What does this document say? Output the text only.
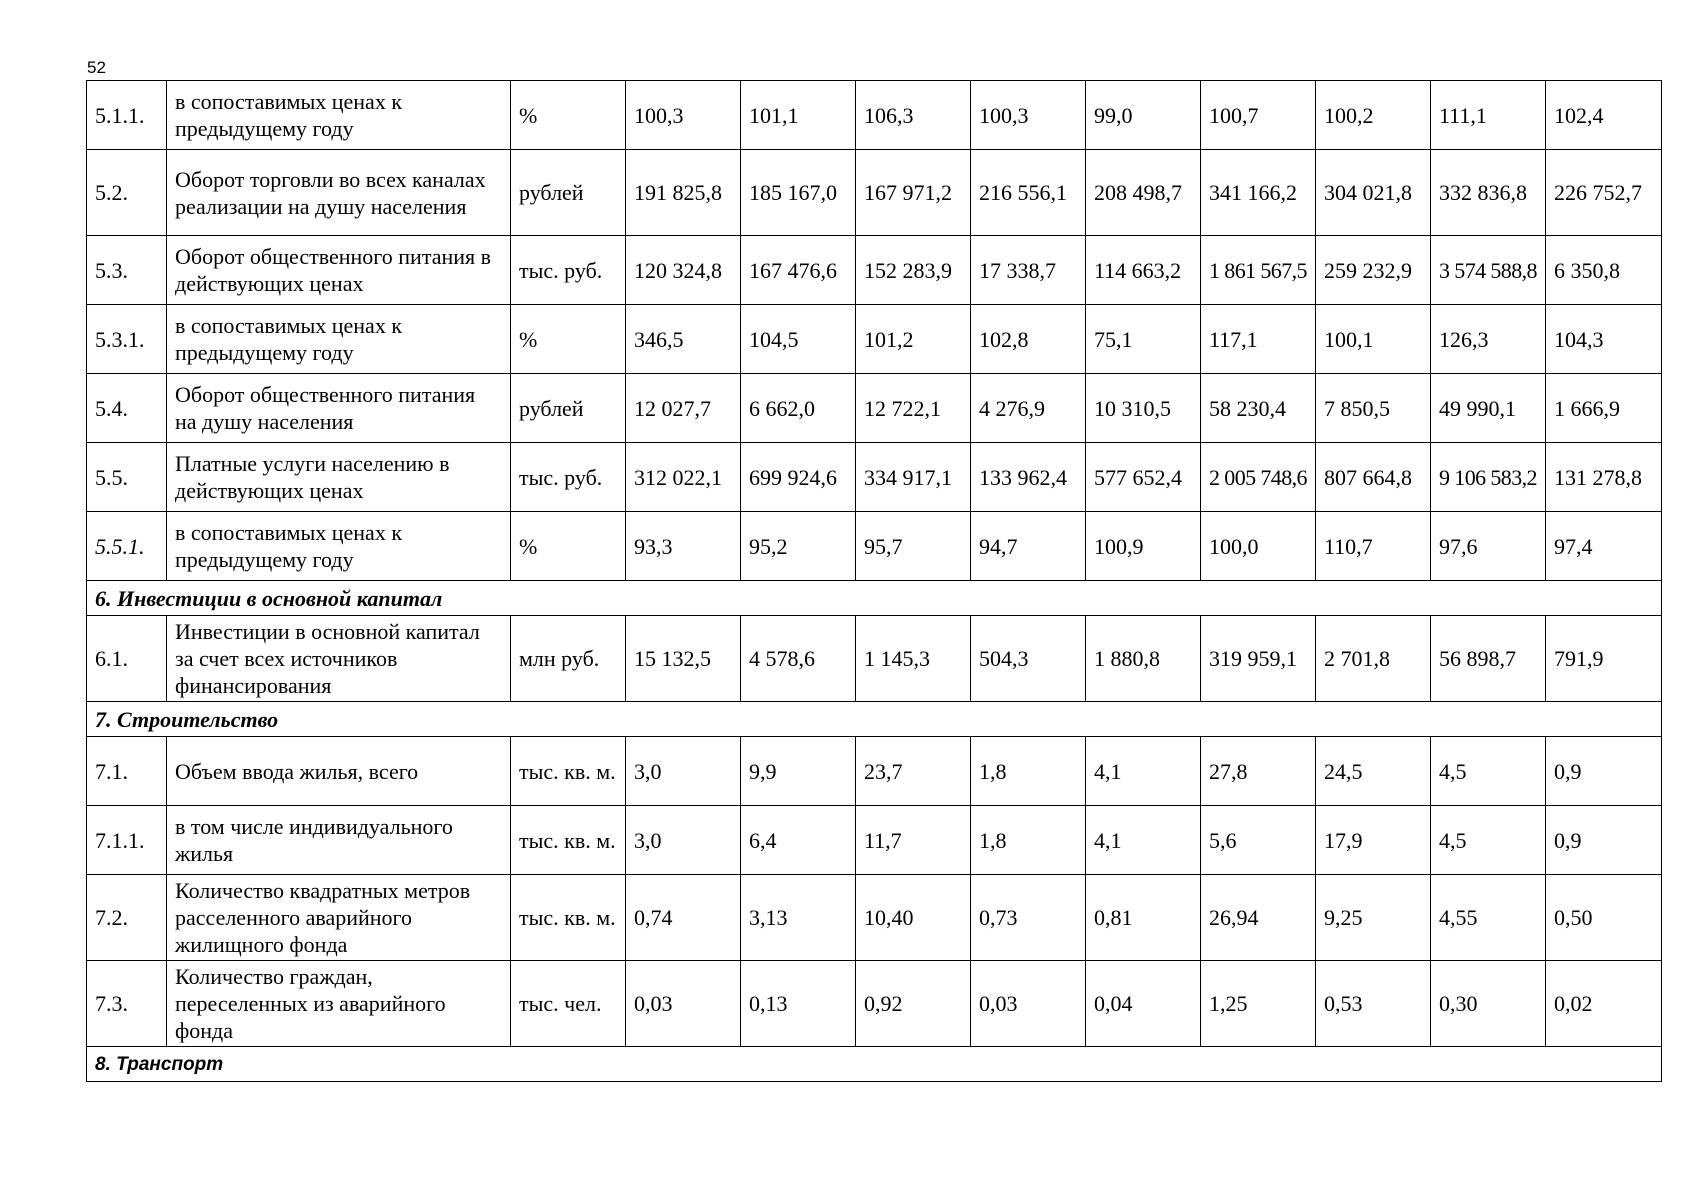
52
5.1.1.	в сопоставимых ценах к предыдущему году	%	100,3	101,1	106,3	100,3	99,0	100,7	100,2	111,1	102,4
5.2.	Оборот торговли во всех каналах реализации на душу населения	рублей	191 825,8	185 167,0	167 971,2	216 556,1	208 498,7	341 166,2	304 021,8	332 836,8	226 752,7
5.3.	Оборот общественного питания в действующих ценах	тыс. руб.	120 324,8	167 476,6	152 283,9	17 338,7	114 663,2	1 861 567,5	259 232,9	3 574 588,8	6 350,8
5.3.1.	в сопоставимых ценах к предыдущему году	%	346,5	104,5	101,2	102,8	75,1	117,1	100,1	126,3	104,3
5.4.	Оборот общественного питания на душу населения	рублей	12 027,7	6 662,0	12 722,1	4 276,9	10 310,5	58 230,4	7 850,5	49 990,1	1 666,9
5.5.	Платные услуги населению в действующих ценах	тыс. руб.	312 022,1	699 924,6	334 917,1	133 962,4	577 652,4	2 005 748,6	807 664,8	9 106 583,2	131 278,8
5.5.1.	в сопоставимых ценах к предыдущему году	%	93,3	95,2	95,7	94,7	100,9	100,0	110,7	97,6	97,4
6. Инвестиции в основной капитал											
6.1.	Инвестиции в основной капитал за счет всех источников финансирования	млн руб.	15 132,5	4 578,6	1 145,3	504,3	1 880,8	319 959,1	2 701,8	56 898,7	791,9
7. Строительство											
7.1.	Объем ввода жилья, всего	тыс. кв. м.	3,0	9,9	23,7	1,8	4,1	27,8	24,5	4,5	0,9
7.1.1.	в том числе индивидуального жилья	тыс. кв. м.	3,0	6,4	11,7	1,8	4,1	5,6	17,9	4,5	0,9
7.2.	Количество квадратных метров расселенного аварийного жилищного фонда	тыс. кв. м.	0,74	3,13	10,40	0,73	0,81	26,94	9,25	4,55	0,50
7.3.	Количество граждан, переселенных из аварийного фонда	тыс. чел.	0,03	0,13	0,92	0,03	0,04	1,25	0,53	0,30	0,02
8. Транспорт											
